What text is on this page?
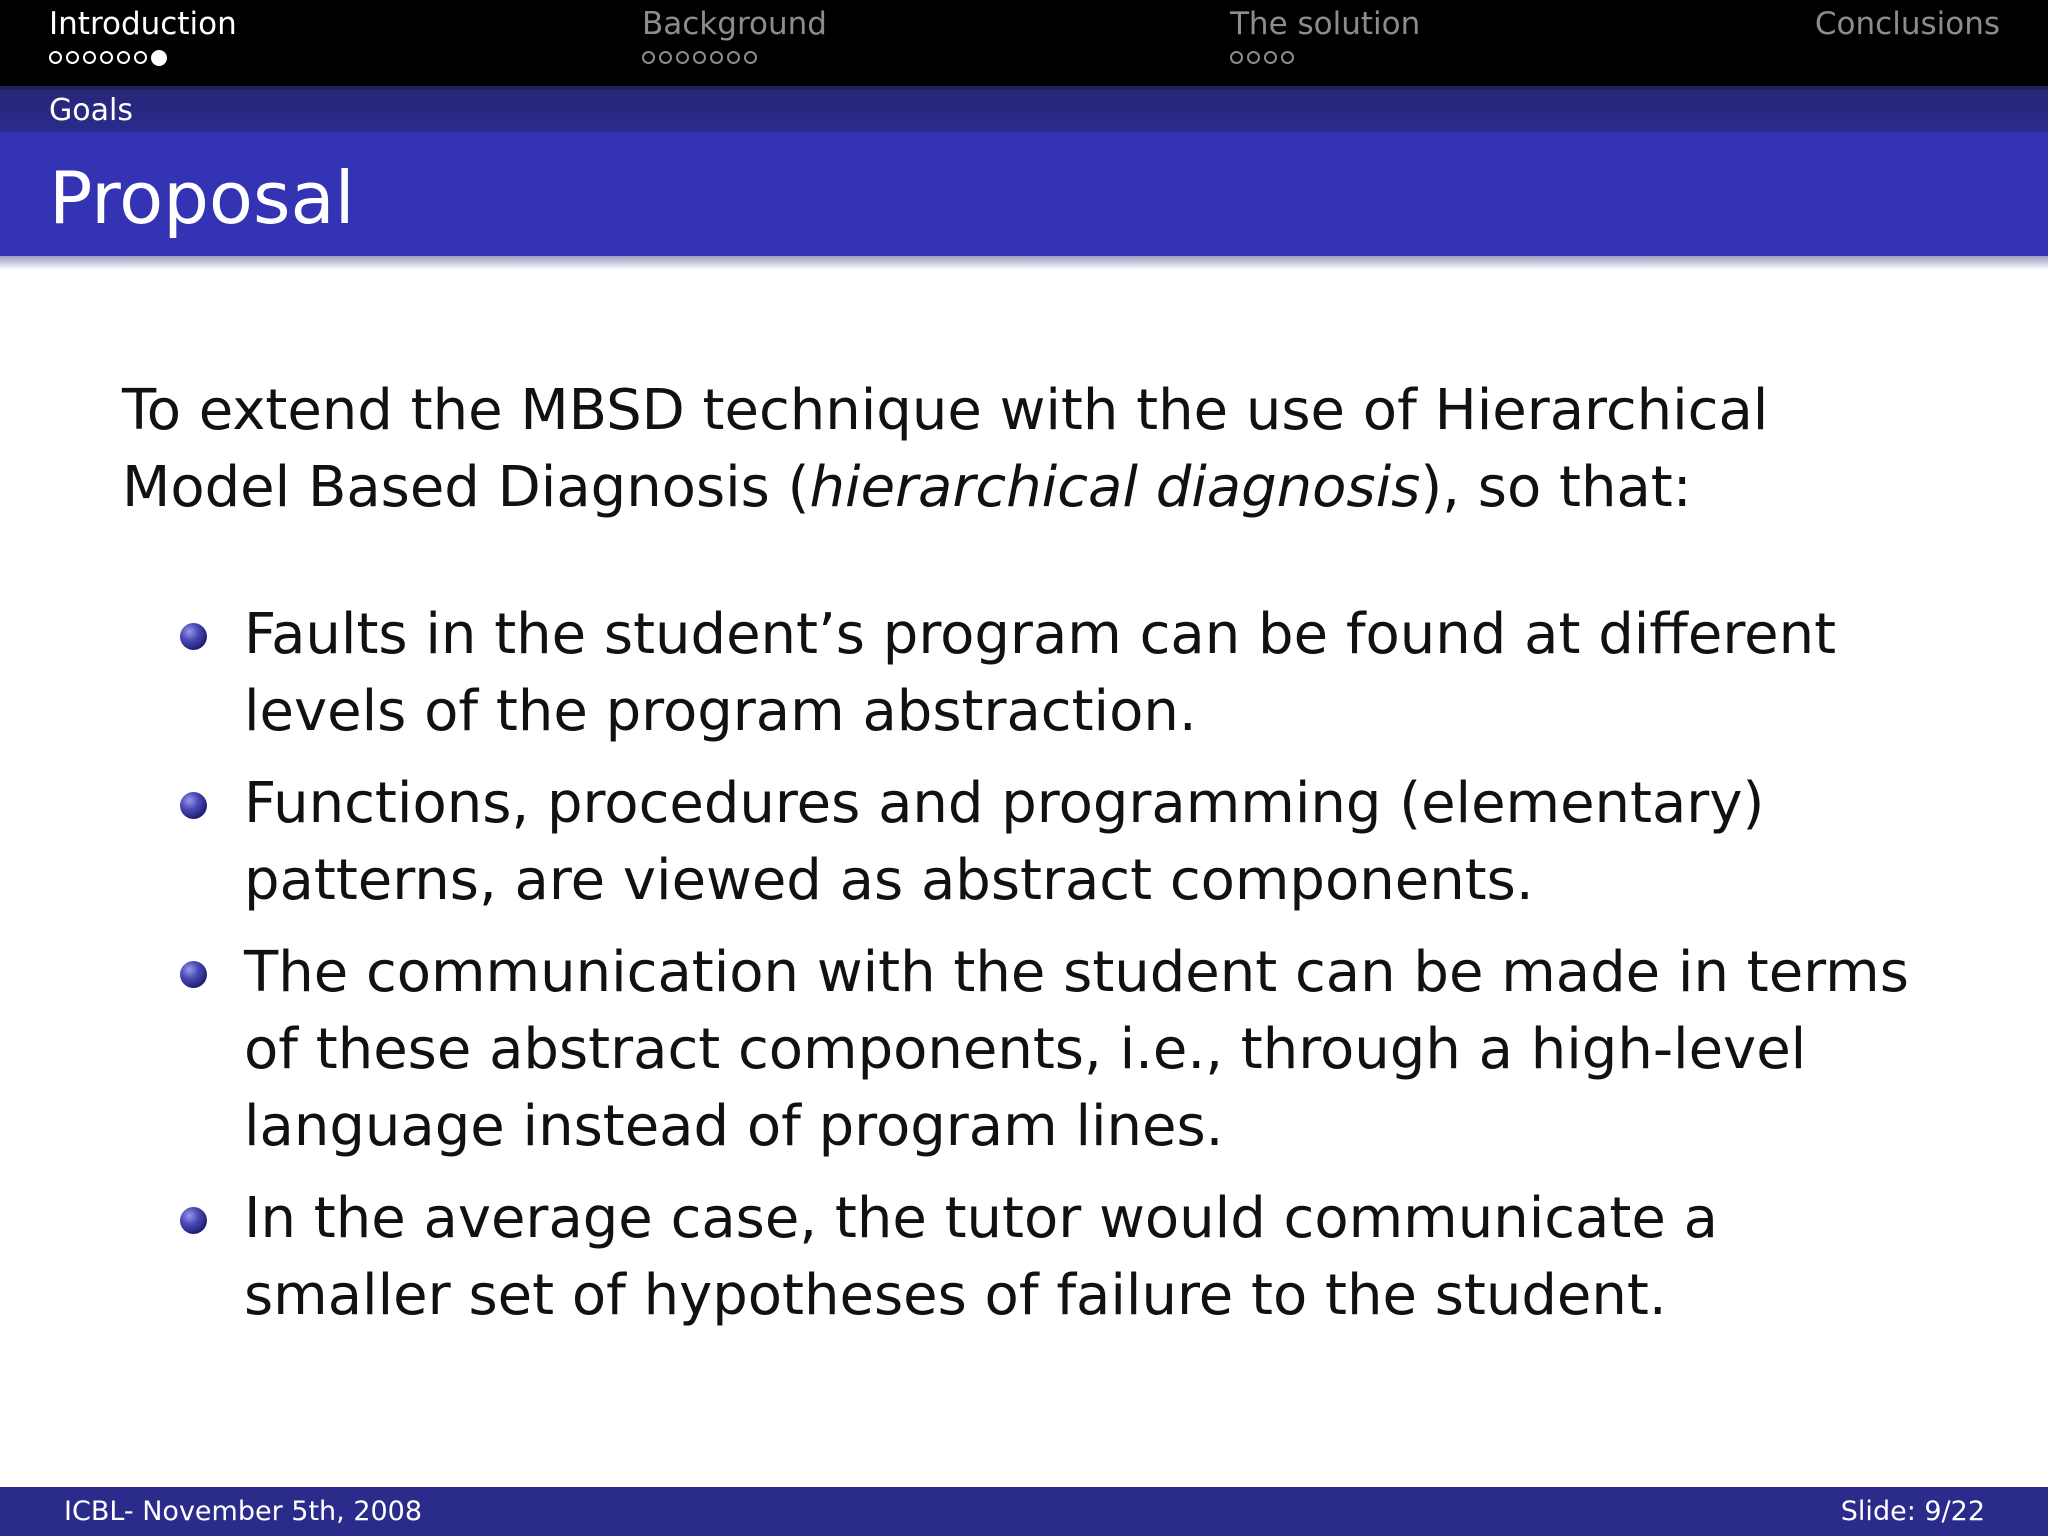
Introduction	Background	The solution	Conclusions
Goals
Proposal
To extend the MBSD technique with the use of Hierarchical Model Based Diagnosis (hierarchical diagnosis), so that:
Faults in the student’s program can be found at different levels of the program abstraction.
Functions, procedures and programming (elementary) patterns, are viewed as abstract components.
The communication with the student can be made in terms of these abstract components, i.e., through a high-level language instead of program lines.
In the average case, the tutor would communicate a smaller set of hypotheses of failure to the student.
ICBL- November 5th, 2008	Slide: 9/22
